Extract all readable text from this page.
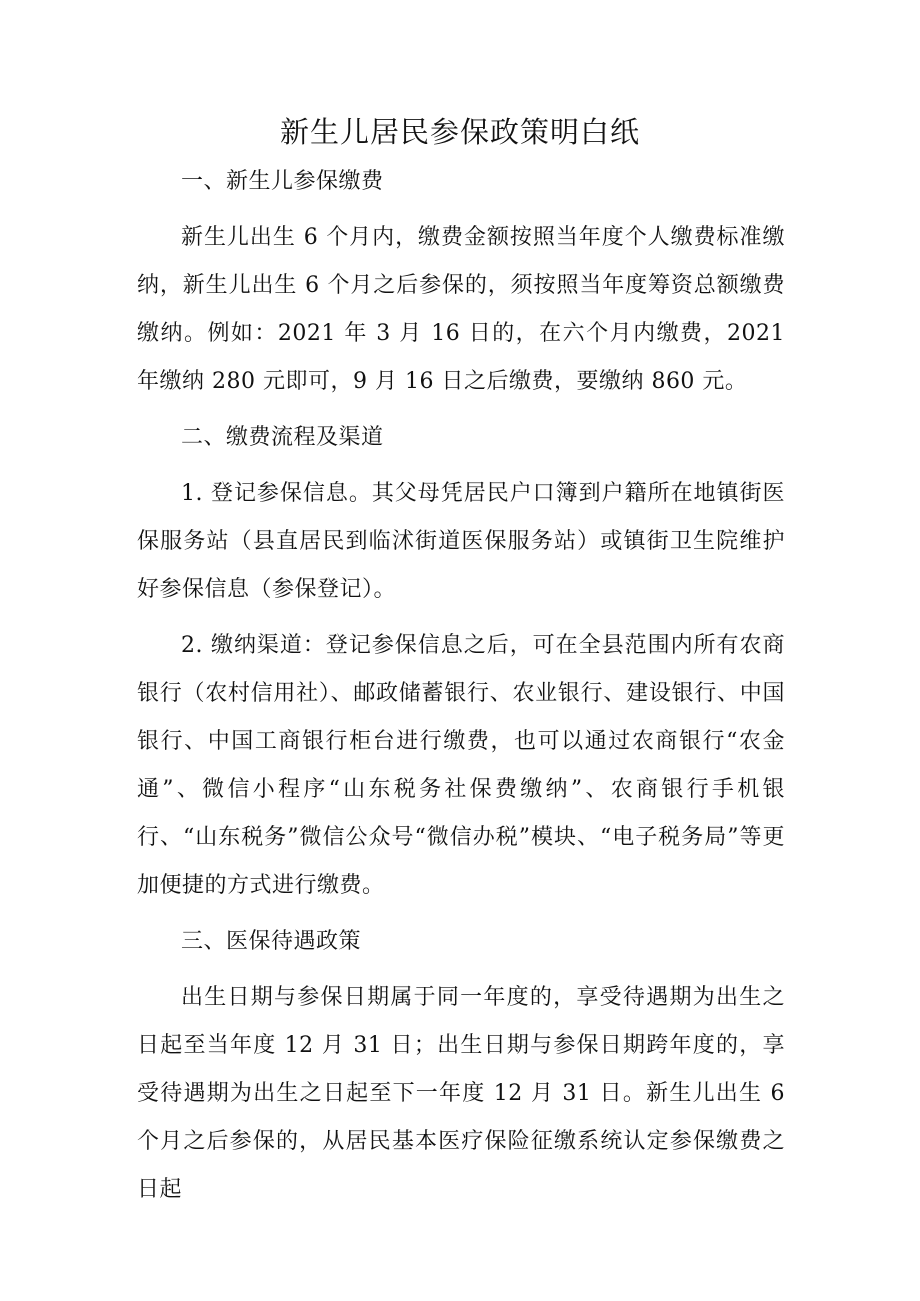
新生儿居民参保政策明白纸

一、新生儿参保缴费

新生儿出生 6 个月内，缴费金额按照当年度个人缴费标准缴纳，新生儿出生 6 个月之后参保的，须按照当年度筹资总额缴费缴纳。例如：2021 年 3 月 16 日的，在六个月内缴费，2021 年缴纳 280 元即可，9 月 16 日之后缴费，要缴纳 860 元。

二、缴费流程及渠道

1. 登记参保信息。其父母凭居民户口簿到户籍所在地镇街医保服务站（县直居民到临沭街道医保服务站）或镇街卫生院维护好参保信息（参保登记）。

2. 缴纳渠道：登记参保信息之后，可在全县范围内所有农商银行（农村信用社）、邮政储蓄银行、农业银行、建设银行、中国银行、中国工商银行柜台进行缴费，也可以通过农商银行“农金通”、微信小程序“山东税务社保费缴纳”、农商银行手机银行、“山东税务”微信公众号“微信办税”模块、“电子税务局”等更加便捷的方式进行缴费。

三、医保待遇政策

出生日期与参保日期属于同一年度的，享受待遇期为出生之日起至当年度 12 月 31 日；出生日期与参保日期跨年度的，享受待遇期为出生之日起至下一年度 12 月 31 日。新生儿出生 6 个月之后参保的，从居民基本医疗保险征缴系统认定参保缴费之日起
